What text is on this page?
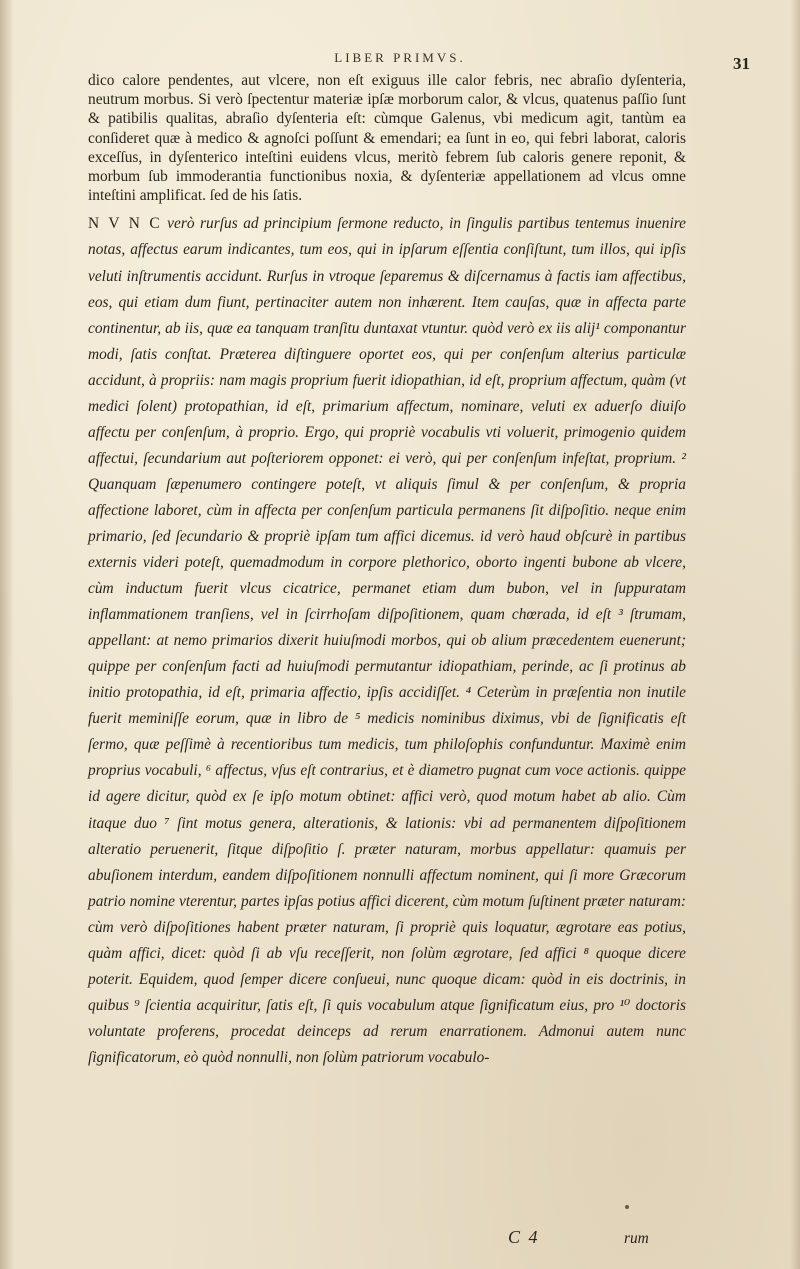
LIBER PRIMVS.	31

dico calore pendentes, aut vlcere, non eſt exiguus ille calor febris, nec abraſio dyſenteria, neutrum morbus. Si verò ſpectentur materiæ ipſæ morborum calor, & vlcus, quatenus paſſio ſunt & patibilis qualitas, abraſio dyſenteria eſt: cùmque Galenus, vbi medicum agit, tantùm ea conſideret quæ à medico & agnoſci poſſunt & emendari; ea ſunt in eo, qui febri laborat, caloris exceſſus, in dyſenterico inteſtini euidens vlcus, meritò febrem ſub caloris genere reponit, & morbum ſub immoderantia functionibus noxia, & dyſenteriæ appellationem ad vlcus omne inteſtini amplificat. ſed de his ſatis.

N V N C verò rurſus ad principium ſermone reducto, in ſingulis partibus tentemus inuenire notas, affectus earum indicantes, tum eos, qui in ipſarum eſſentia conſiſtunt, tum illos, qui ipſis veluti inſtrumentis accidunt. Rurſus in vtroque ſeparemus & diſcernamus à factis iam affectibus, eos, qui etiam dum fiunt, pertinaciter autem non inhærent. Item cauſas, quæ in affecta parte continentur, ab iis, quæ ea tanquam tranſitu duntaxat vtuntur. quòd verò ex iis alij¹ componantur modi, ſatis conſtat. Præterea diſtinguere oportet eos, qui per conſenſum alterius particulæ accidunt, à propriis: nam magis proprium fuerit idiopathian, id eſt, proprium affectum, quàm (vt medici ſolent) protopathian, id eſt, primarium affectum, nominare, veluti ex aduerſo diuiſo affectu per conſenſum, à proprio. Ergo, qui propriè vocabulis vti voluerit, primogenio quidem affectui, ſecundarium aut poſteriorem opponet: ei verò, qui per conſenſum infeſtat, proprium. ² Quanquam ſæpenumero contingere poteſt, vt aliquis ſimul & per conſenſum, & propria affectione laboret, cùm in affecta per conſenſum particula permanens ſit diſpoſitio. neque enim primario, ſed ſecundario & propriè ipſam tum affici dicemus. id verò haud obſcurè in partibus externis videri poteſt, quemadmodum in corpore plethorico, oborto ingenti bubone ab vlcere, cùm inductum fuerit vlcus cicatrice, permanet etiam dum bubon, vel in ſuppuratam inflammationem tranſiens, vel in ſcirrhoſam diſpoſitionem, quam chœrada, id eſt ³ ſtrumam, appellant: at nemo primarios dixerit huiuſmodi morbos, qui ob alium præcedentem euenerunt; quippe per conſenſum facti ad huiuſmodi permutantur idiopathiam, perinde, ac ſi protinus ab initio protopathia, id eſt, primaria affectio, ipſis accidiſſet. ⁴ Ceterùm in præſentia non inutile fuerit meminiſſe eorum, quæ in libro de ⁵ medicis nominibus diximus, vbi de ſignificatis eſt ſermo, quæ peſſimè à recentioribus tum medicis, tum philoſophis confunduntur. Maximè enim proprius vocabuli, ⁶ affectus, vſus eſt contrarius, et è diametro pugnat cum voce actionis. quippe id agere dicitur, quòd ex ſe ipſo motum obtinet: affici verò, quod motum habet ab alio. Cùm itaque duo ⁷ ſint motus genera, alterationis, & lationis: vbi ad permanentem diſpoſitionem alteratio peruenerit, ſitque diſpoſitio ſ. præter naturam, morbus appellatur: quamuis per abuſionem interdum, eandem diſpoſitionem nonnulli affectum nominent, qui ſi more Græcorum patrio nomine vterentur, partes ipſas potius affici dicerent, cùm motum ſuſtinent præter naturam: cùm verò diſpoſitiones habent præter naturam, ſi propriè quis loquatur, ægrotare eas potius, quàm affici, dicet: quòd ſi ab vſu receſſerit, non ſolùm ægrotare, ſed affici ⁸ quoque dicere poterit. Equidem, quod ſemper dicere conſueui, nunc quoque dicam: quòd in eis doctrinis, in quibus ⁹ ſcientia acquiritur, ſatis eſt, ſi quis vocabulum atque ſignificatum eius, pro ¹⁰ doctoris voluntate proferens, procedat deinceps ad rerum enarrationem. Admonui autem nunc ſignificatorum, eò quòd nonnulli, non ſolùm patriorum vocabulo-
C 4	rum
